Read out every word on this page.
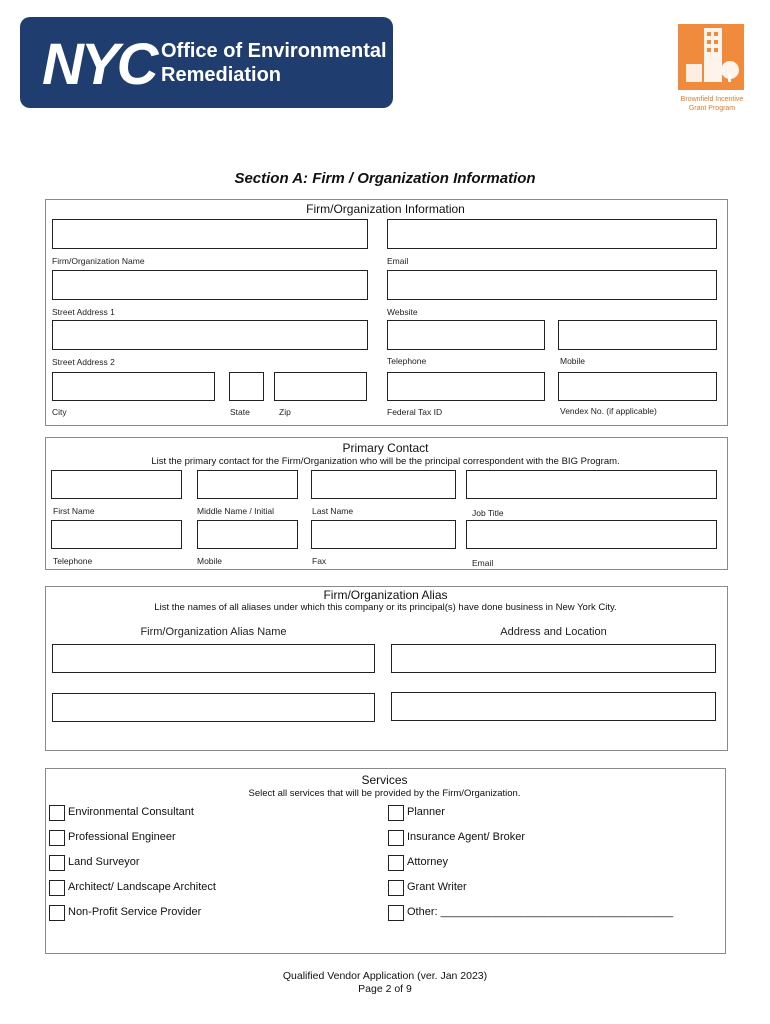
NYC Office of Environmental
Remediation
Brownfield Incentive
Grant Program
Section A: Firm / Organization Information
Firm/Organization Information
Firm/Organization Name	Email
Street Address 1	Website
Street Address 2	Telephone	Mobile
City	State	Zip	Federal Tax ID	Vendex No. (if applicable)
Primary Contact
List the primary contact for the Firm/Organization who will be the principal correspondent with the BIG Program.
First Name	Middle Name / Initial	Last Name	Job Title
Telephone	Mobile	Fax	Email
Firm/Organization Alias
List the names of all aliases under which this company or its principal(s) have done business in New York City.
Firm/Organization Alias Name	Address and Location
Services
Select all services that will be provided by the Firm/Organization.
Environmental Consultant
Professional Engineer
Land Surveyor
Architect/ Landscape Architect
Non-Profit Service Provider
Planner
Insurance Agent/ Broker
Attorney
Grant Writer
Other: ______________________________________
Qualified Vendor Application (ver. Jan 2023)
Page 2 of 9
